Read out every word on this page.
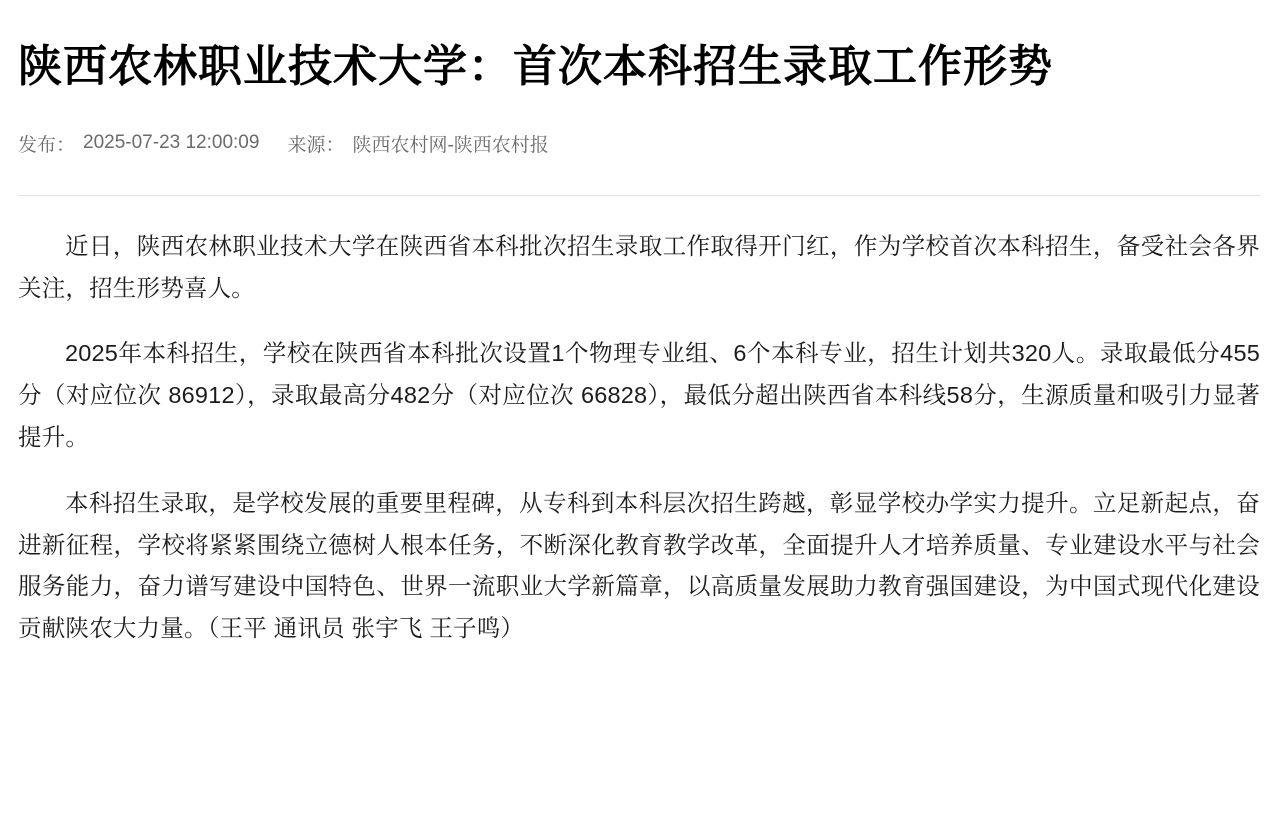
陕西农林职业技术大学：首次本科招生录取工作形势
发布： 2025-07-23 12:00:09 来源： 陕西农村网-陕西农村报

近日，陕西农林职业技术大学在陕西省本科批次招生录取工作取得开门红，作为学校首次本科招生，备受社会各界关注，招生形势喜人。

2025年本科招生，学校在陕西省本科批次设置1个物理专业组、6个本科专业，招生计划共320人。录取最低分455分（对应位次 86912），录取最高分482分（对应位次 66828），最低分超出陕西省本科线58分，生源质量和吸引力显著提升。

本科招生录取，是学校发展的重要里程碑，从专科到本科层次招生跨越，彰显学校办学实力提升。立足新起点，奋进新征程，学校将紧紧围绕立德树人根本任务，不断深化教育教学改革，全面提升人才培养质量、专业建设水平与社会服务能力，奋力谱写建设中国特色、世界一流职业大学新篇章，以高质量发展助力教育强国建设，为中国式现代化建设贡献陕农大力量。（王平 通讯员 张宇飞 王子鸣）
